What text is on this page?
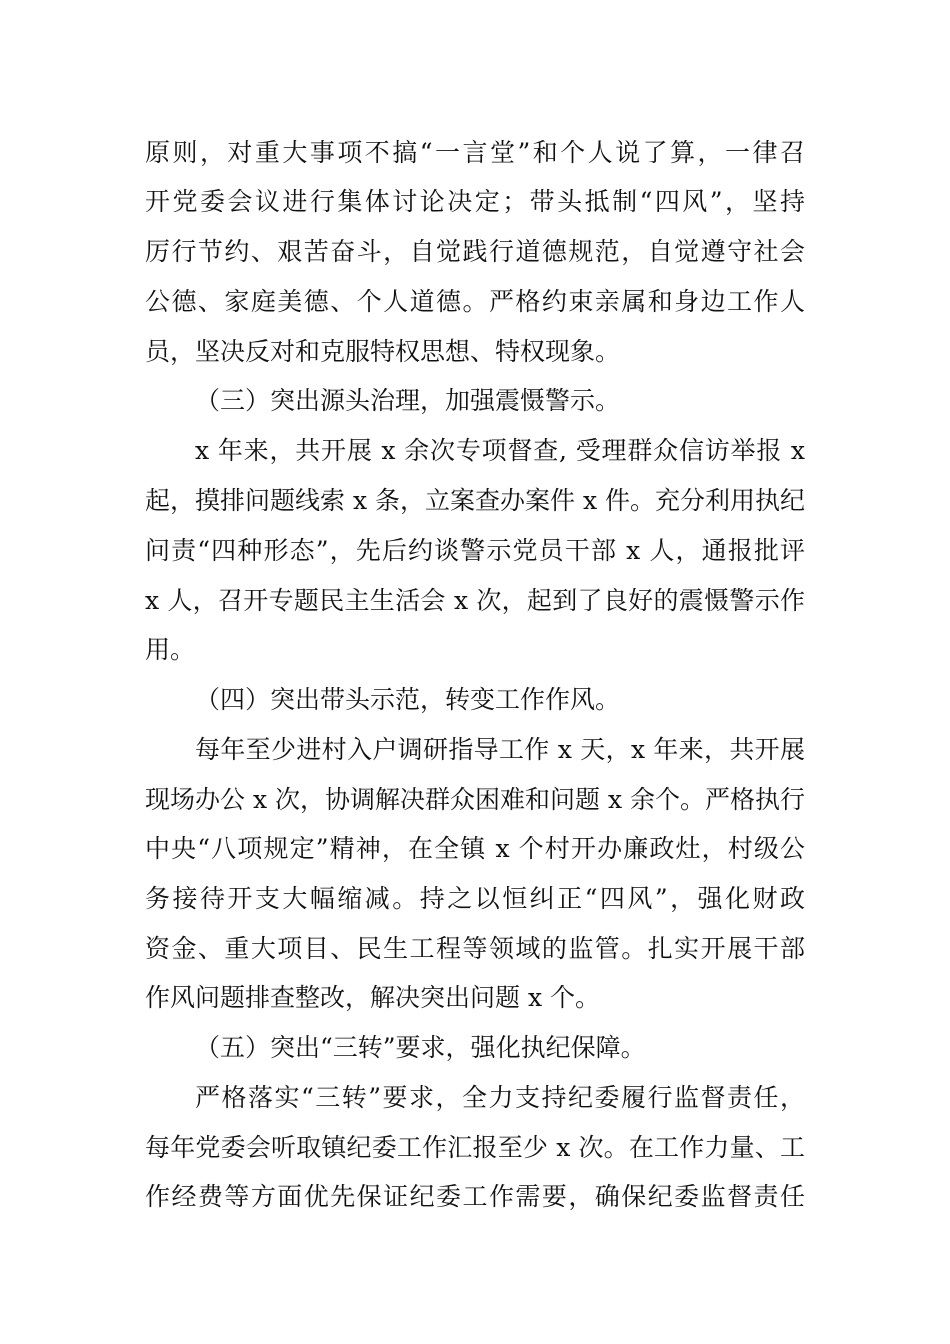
原则，对重大事项不搞“一言堂”和个人说了算，一律召
开党委会议进行集体讨论决定；带头抵制“四风”，坚持
厉行节约、艰苦奋斗，自觉践行道德规范，自觉遵守社会
公德、家庭美德、个人道德。严格约束亲属和身边工作人
员，坚决反对和克服特权思想、特权现象。
（三）突出源头治理，加强震慑警示。
x 年来，共开展 x 余次专项督查, 受理群众信访举报 x
起，摸排问题线索 x 条，立案查办案件 x 件。充分利用执纪
问责“四种形态”，先后约谈警示党员干部 x 人，通报批评
x 人，召开专题民主生活会 x 次，起到了良好的震慑警示作
用。
（四）突出带头示范，转变工作作风。
每年至少进村入户调研指导工作 x 天，x 年来，共开展
现场办公 x 次，协调解决群众困难和问题 x 余个。严格执行
中央“八项规定”精神，在全镇 x 个村开办廉政灶，村级公
务接待开支大幅缩减。持之以恒纠正“四风”，强化财政
资金、重大项目、民生工程等领域的监管。扎实开展干部
作风问题排查整改，解决突出问题 x 个。
（五）突出“三转”要求，强化执纪保障。
严格落实“三转”要求，全力支持纪委履行监督责任，
每年党委会听取镇纪委工作汇报至少 x 次。在工作力量、工
作经费等方面优先保证纪委工作需要，确保纪委监督责任
